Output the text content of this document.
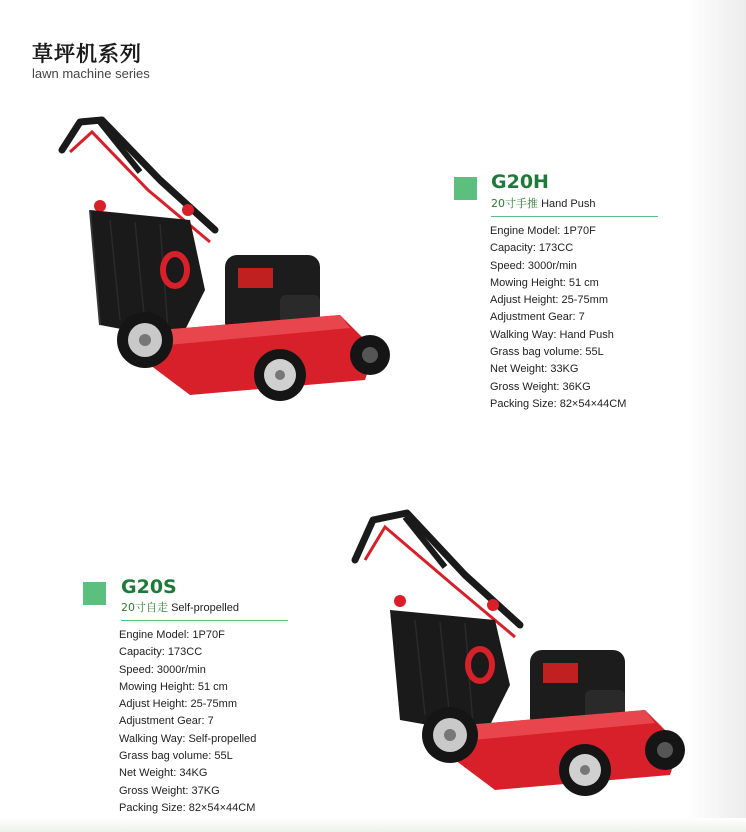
草坪机系列
lawn machine series
G20H
20寸手推 Hand Push
Engine Model: 1P70F
Capacity: 173CC
Speed: 3000r/min
Mowing Height: 51 cm
Adjust Height: 25-75mm
Adjustment Gear: 7
Walking Way: Hand Push
Grass bag volume: 55L
Net Weight: 33KG
Gross Weight: 36KG
Packing Size: 82×54×44CM
G20S
20寸自走 Self-propelled
Engine Model: 1P70F
Capacity: 173CC
Speed: 3000r/min
Mowing Height: 51 cm
Adjust Height: 25-75mm
Adjustment Gear: 7
Walking Way: Self-propelled
Grass bag volume: 55L
Net Weight: 34KG
Gross Weight: 37KG
Packing Size: 82×54×44CM
